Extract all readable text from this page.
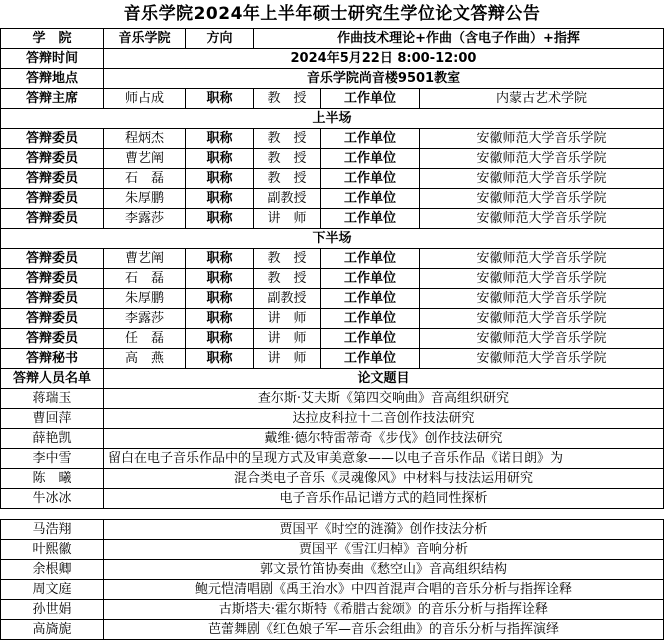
音乐学院2024年上半年硕士研究生学位论文答辩公告
学　院	音乐学院	方向	作曲技术理论+作曲（含电子作曲）+指挥		
答辩时间	2024年5月22日 8:00-12:00				
答辩地点	音乐学院尚音楼9501教室				
答辩主席	师占成	职称	教　授	工作单位	内蒙古艺术学院
上半场					
答辩委员	程炳杰	职称	教　授	工作单位	安徽师范大学音乐学院
答辩委员	曹艺阐	职称	教　授	工作单位	安徽师范大学音乐学院
答辩委员	石　磊	职称	教　授	工作单位	安徽师范大学音乐学院
答辩委员	朱厚鹏	职称	副教授	工作单位	安徽师范大学音乐学院
答辩委员	李露莎	职称	讲　师	工作单位	安徽师范大学音乐学院
下半场					
答辩委员	曹艺阐	职称	教　授	工作单位	安徽师范大学音乐学院
答辩委员	石　磊	职称	教　授	工作单位	安徽师范大学音乐学院
答辩委员	朱厚鹏	职称	副教授	工作单位	安徽师范大学音乐学院
答辩委员	李露莎	职称	讲　师	工作单位	安徽师范大学音乐学院
答辩委员	任　磊	职称	讲　师	工作单位	安徽师范大学音乐学院
答辩秘书	高　燕	职称	讲　师	工作单位	安徽师范大学音乐学院
答辩人员名单	论文题目				
蒋瑞玉	查尔斯·艾夫斯《第四交响曲》音高组织研究				
曹回萍	达拉皮科拉十二音创作技法研究				
薛艳凯	戴维·德尔特雷蒂奇《步伐》创作技法研究				
李中雪	留白在电子音乐作品中的呈现方式及审美意象——以电子音乐作品《诺日朗》为				
陈　曦	混合类电子音乐《灵魂像风》中材料与技法运用研究				
牛冰冰	电子音乐作品记谱方式的趋同性探析				

马浩翔	贾国平《时空的涟漪》创作技法分析				
叶熙徽	贾国平《雪江归棹》音响分析				
余根卿	郭文景竹笛协奏曲《愁空山》音高组织结构				
周文庭	鲍元恺清唱剧《禹王治水》中四首混声合唱的音乐分析与指挥诠释				
孙世娟	古斯塔夫·霍尔斯特《希腊古瓮颂》的音乐分析与指挥诠释				
高旖旎	芭蕾舞剧《红色娘子军—音乐会组曲》的音乐分析与指挥演绎				
